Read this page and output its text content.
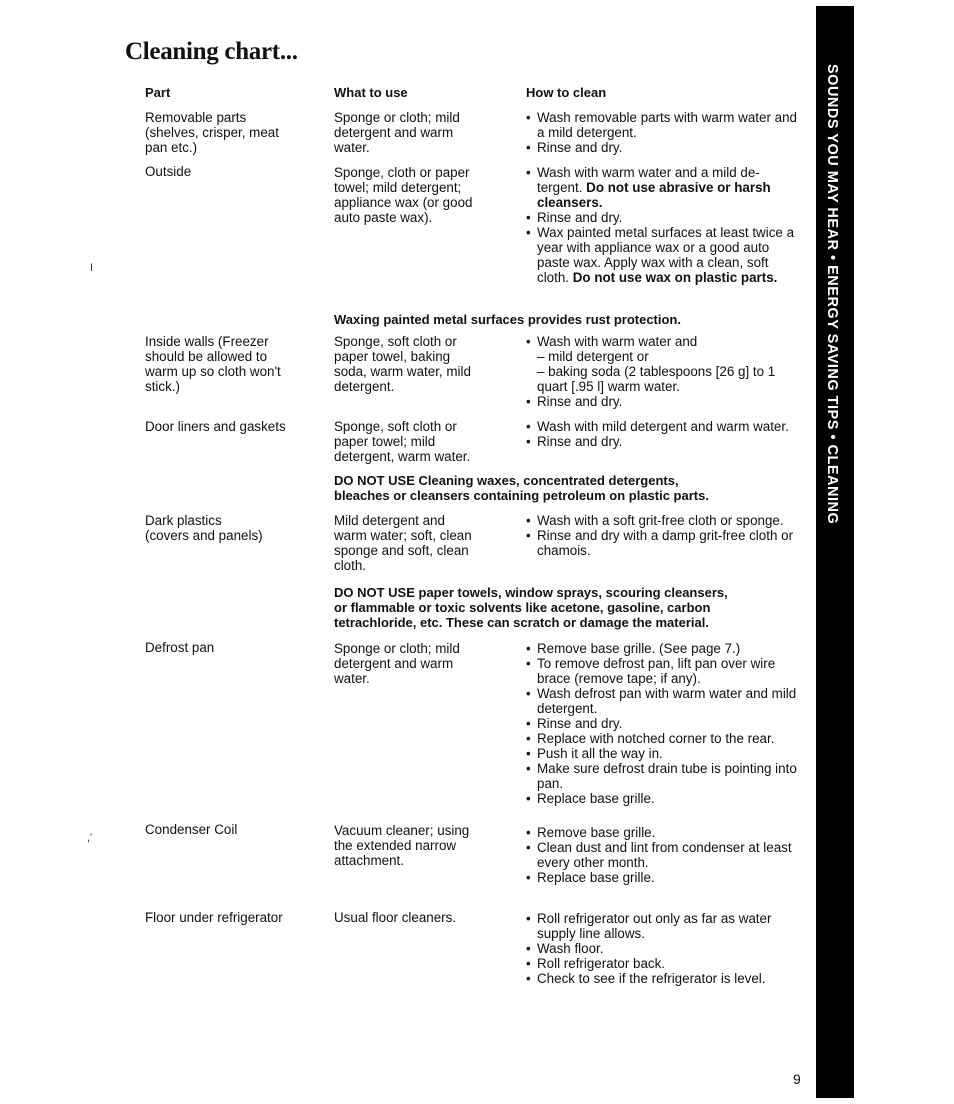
Cleaning chart...
Part	What to use	How to clean
Removable parts
(shelves, crisper, meat
pan etc.)
Sponge or cloth; mild
detergent and warm
water.
• Wash removable parts with warm water and a mild detergent.
• Rinse and dry.
Outside	Sponge, cloth or paper
towel; mild detergent;
appliance wax (or good
auto paste wax).
• Wash with warm water and a mild de-tergent. Do not use abrasive or harsh cleansers.
• Rinse and dry.
• Wax painted metal surfaces at least twice a year with appliance wax or a good auto paste wax. Apply wax with a clean, soft cloth. Do not use wax on plastic parts.
Waxing painted metal surfaces provides rust protection.
Inside walls (Freezer
should be allowed to
warm up so cloth won't
stick.)
Sponge, soft cloth or
paper towel, baking
soda, warm water, mild
detergent.
• Wash with warm water and
– mild detergent or
– baking soda (2 tablespoons [26 g] to 1 quart [.95 l] warm water.
• Rinse and dry.
Door liners and gaskets	Sponge, soft cloth or
paper towel; mild
detergent, warm water.
• Wash with mild detergent and warm water.
• Rinse and dry.
DO NOT USE Cleaning waxes, concentrated detergents,
bleaches or cleansers containing petroleum on plastic parts.
Dark plastics
(covers and panels)
Mild detergent and
warm water; soft, clean
sponge and soft, clean
cloth.
• Wash with a soft grit-free cloth or sponge.
• Rinse and dry with a damp grit-free cloth or chamois.
DO NOT USE paper towels, window sprays, scouring cleansers,
or flammable or toxic solvents like acetone, gasoline, carbon
tetrachloride, etc. These can scratch or damage the material.
Defrost pan	Sponge or cloth; mild
detergent and warm
water.
• Remove base grille. (See page 7.)
• To remove defrost pan, lift pan over wire brace (remove tape; if any).
• Wash defrost pan with warm water and mild detergent.
• Rinse and dry.
• Replace with notched corner to the rear.
• Push it all the way in.
• Make sure defrost drain tube is pointing into pan.
• Replace base grille.
Condenser Coil	Vacuum cleaner; using
the extended narrow
attachment.
• Remove base grille.
• Clean dust and lint from condenser at least every other month.
• Replace base grille.
Floor under refrigerator	Usual floor cleaners.
•	Roll refrigerator out only as far as water supply line allows.
• Wash floor.
• Roll refrigerator back.
• Check to see if the refrigerator is level.
I
,'
SOUNDS YOU MAY HEAR • ENERGY SAVING TIPS • CLEANING
9
